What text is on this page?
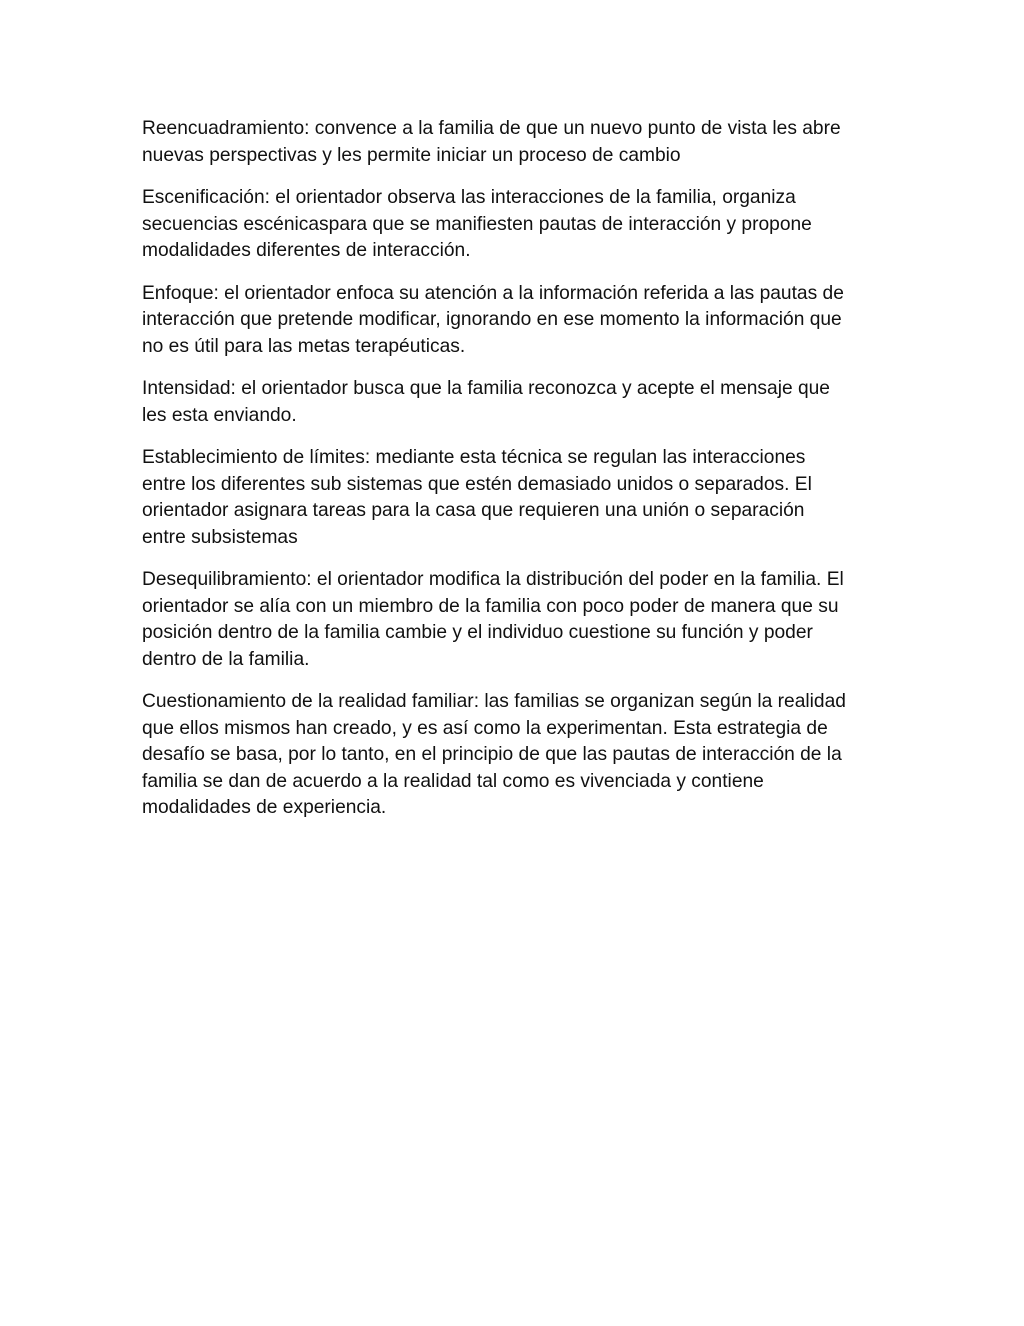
Reencuadramiento: convence a la familia de que un nuevo punto de vista les abre
nuevas perspectivas y les permite iniciar un proceso de cambio

Escenificación: el orientador observa las interacciones de la familia, organiza
secuencias escénicaspara que se manifiesten pautas de interacción y propone
modalidades diferentes de interacción.

Enfoque: el orientador enfoca su atención a la información referida a las pautas de
interacción que pretende modificar, ignorando en ese momento la información que
no es útil para las metas terapéuticas.

Intensidad: el orientador busca que la familia reconozca y acepte el mensaje que
les esta enviando.

Establecimiento de límites: mediante esta técnica se regulan las interacciones
entre los diferentes sub sistemas que estén demasiado unidos o separados. El
orientador asignara tareas para la casa que requieren una unión o separación
entre subsistemas

Desequilibramiento: el orientador modifica la distribución del poder en la familia. El
orientador se alía con un miembro de la familia con poco poder de manera que su
posición dentro de la familia cambie y el individuo cuestione su función y poder
dentro de la familia.

Cuestionamiento de la realidad familiar: las familias se organizan según la realidad
que ellos mismos han creado, y es así como la experimentan. Esta estrategia de
desafío se basa, por lo tanto, en el principio de que las pautas de interacción de la
familia se dan de acuerdo a la realidad tal como es vivenciada y contiene
modalidades de experiencia.
